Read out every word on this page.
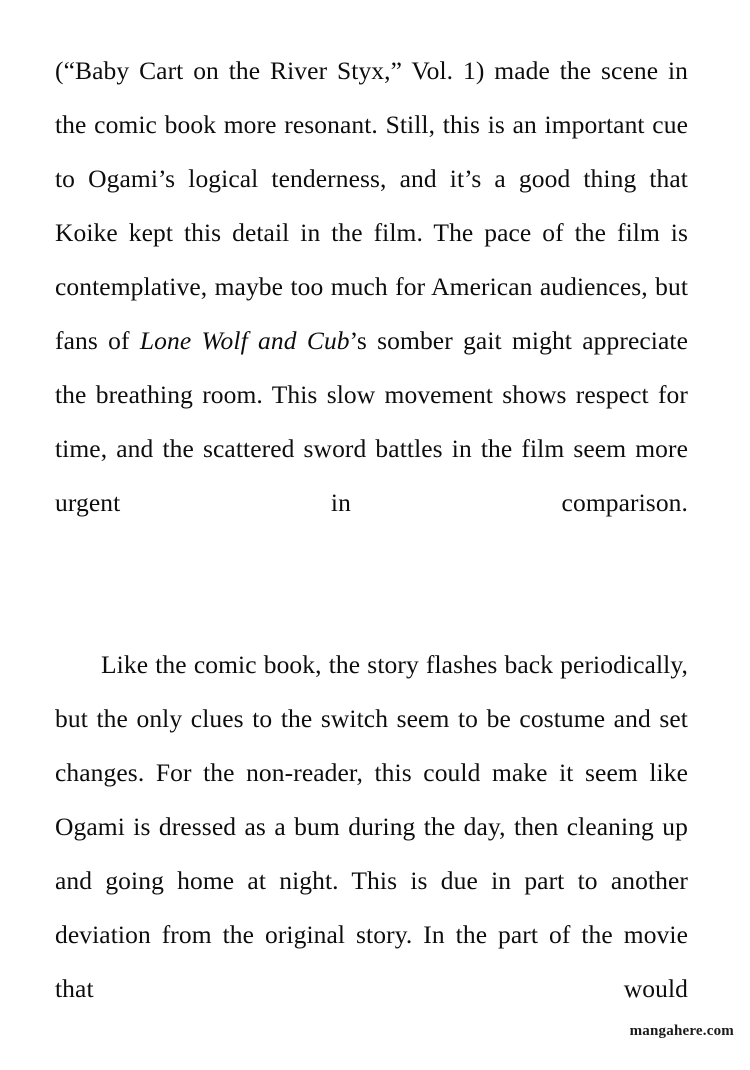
(“Baby Cart on the River Styx,” Vol. 1) made the scene in the comic book more resonant. Still, this is an important cue to Ogami’s logical tenderness, and it’s a good thing that Koike kept this detail in the film. The pace of the film is contemplative, maybe too much for American audiences, but fans of Lone Wolf and Cub’s somber gait might appreciate the breathing room. This slow movement shows respect for time, and the scattered sword battles in the film seem more urgent in comparison.

Like the comic book, the story flashes back periodically, but the only clues to the switch seem to be costume and set changes. For the non-reader, this could make it seem like Ogami is dressed as a bum during the day, then cleaning up and going home at night. This is due in part to another deviation from the original story. In the part of the movie that would

mangahere.com
